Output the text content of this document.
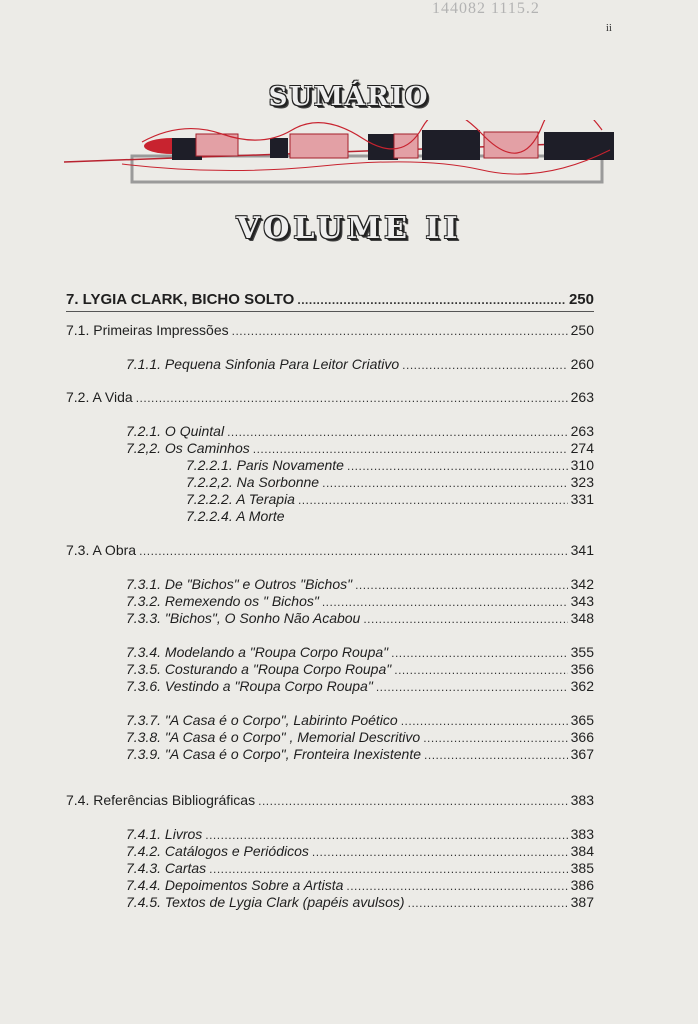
ii
144082 1115.2
SUMÁRIO
VOLUME II
7. LYGIA CLARK, BICHO SOLTO .....	250
7.1. Primeiras Impressões .....	250
7.1.1. Pequena Sinfonia Para Leitor Criativo .....	260
7.2. A Vida .....	263
7.2.1. O Quintal .....	263
7.2,2. Os Caminhos .....	274
7.2.2.1. Paris Novamente .....	310
7.2.2,2. Na Sorbonne .....	323
7.2.2.2. A Terapia .....	331
7.2.2.4. A Morte
7.3. A Obra .....	341
7.3.1. De "Bichos" e Outros "Bichos" .....	342
7.3.2. Remexendo os " Bichos" .....	343
7.3.3. "Bichos", O Sonho Não Acabou .....	348
7.3.4. Modelando a "Roupa Corpo Roupa" .....	355
7.3.5. Costurando a "Roupa Corpo Roupa" .....	356
7.3.6. Vestindo a "Roupa Corpo Roupa" .....	362
7.3.7. "A Casa é o Corpo", Labirinto Poético .....	365
7.3.8. "A Casa é o Corpo" , Memorial Descritivo .....	366
7.3.9. "A Casa é o Corpo", Fronteira Inexistente .....	367
7.4. Referências Bibliográficas .....	383
7.4.1. Livros .....	383
7.4.2. Catálogos e Periódicos .....	384
7.4.3. Cartas .....	385
7.4.4. Depoimentos Sobre a Artista .....	386
7.4.5. Textos de Lygia Clark (papéis avulsos) .....	387
